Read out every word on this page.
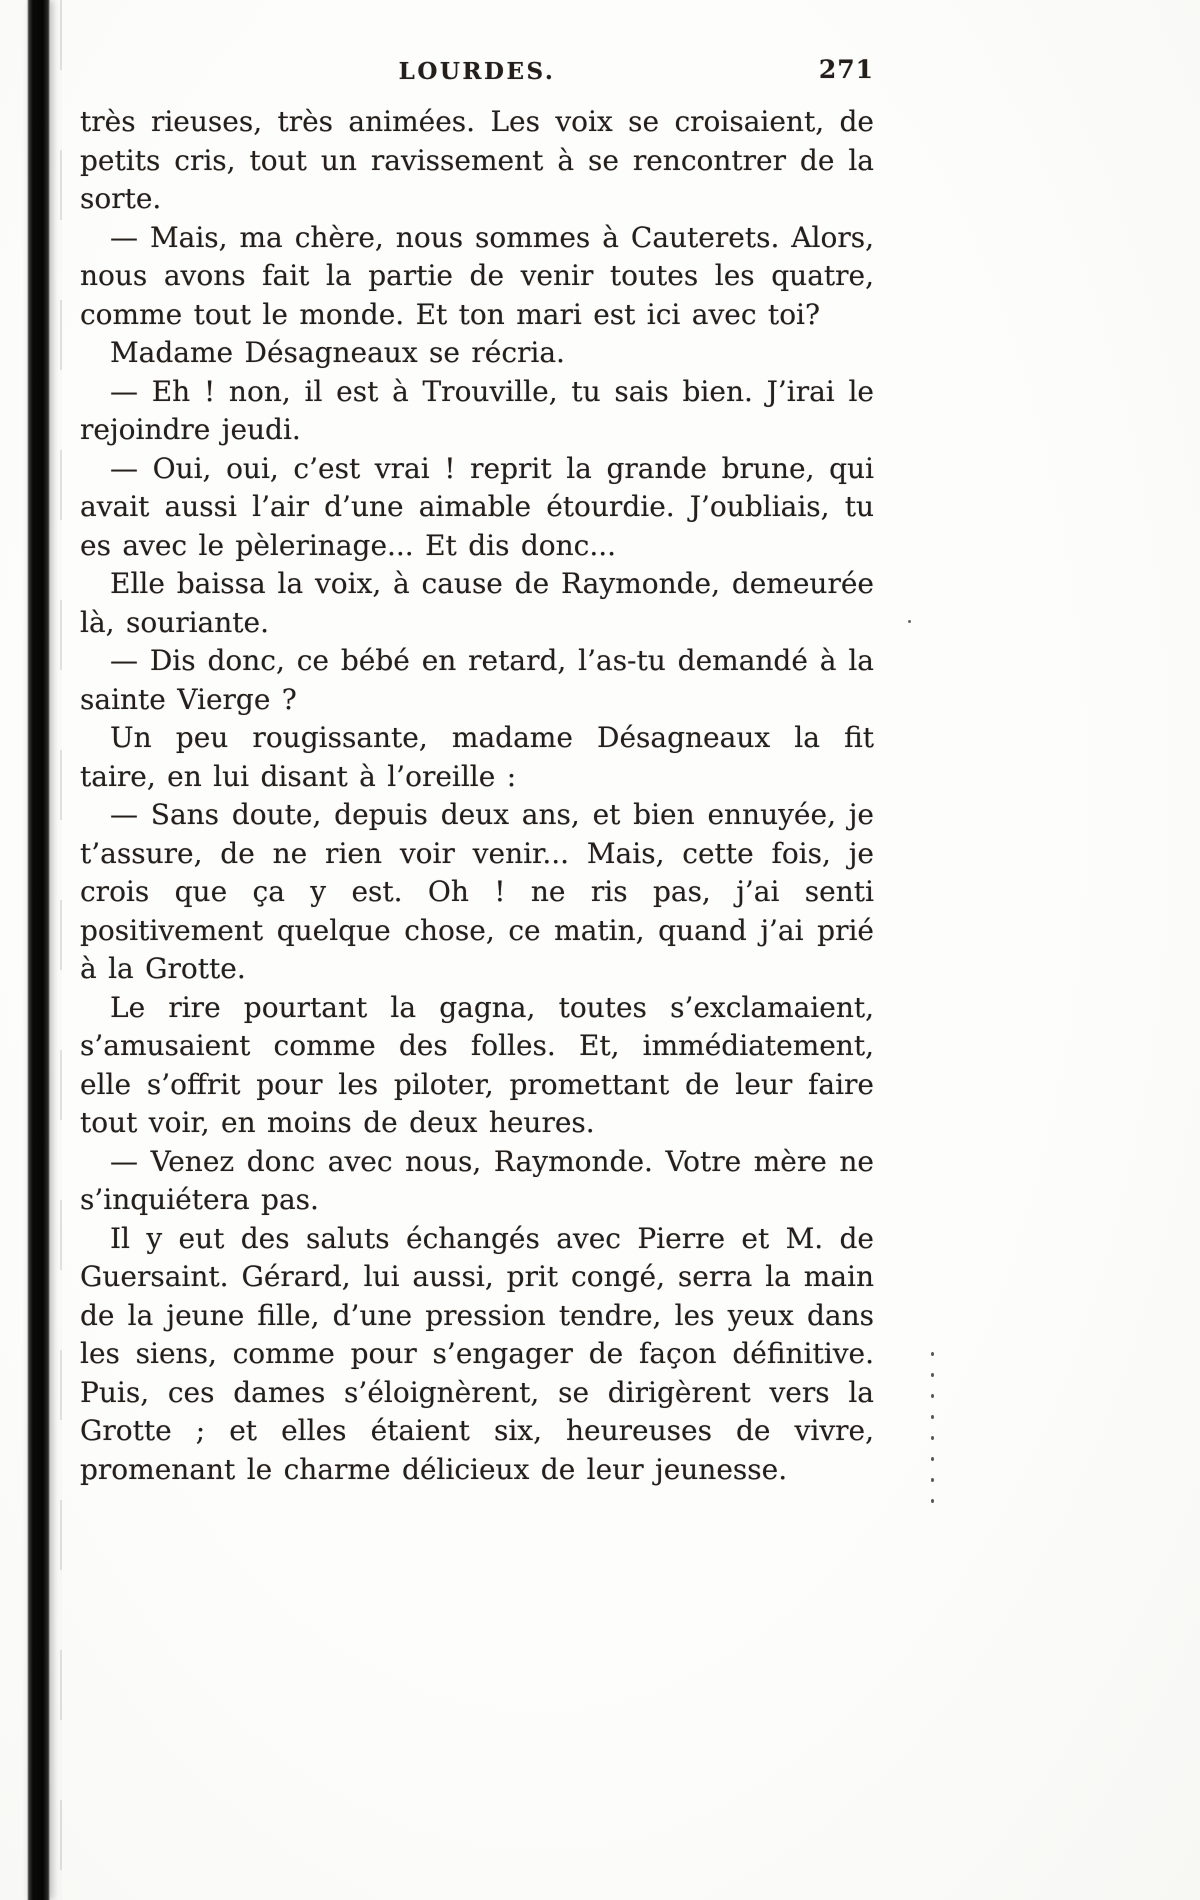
LOURDES.	271

très rieuses, très animées. Les voix se croisaient, de petits cris, tout un ravissement à se rencontrer de la sorte.

— Mais, ma chère, nous sommes à Cauterets. Alors, nous avons fait la partie de venir toutes les quatre, comme tout le monde. Et ton mari est ici avec toi?

Madame Désagneaux se récria.

— Eh ! non, il est à Trouville, tu sais bien. J’irai le rejoindre jeudi.

— Oui, oui, c’est vrai ! reprit la grande brune, qui avait aussi l’air d’une aimable étourdie. J’oubliais, tu es avec le pèlerinage... Et dis donc...

Elle baissa la voix, à cause de Raymonde, demeurée là, souriante.

— Dis donc, ce bébé en retard, l’as-tu demandé à la sainte Vierge ?

Un peu rougissante, madame Désagneaux la fit taire, en lui disant à l’oreille :

— Sans doute, depuis deux ans, et bien ennuyée, je t’assure, de ne rien voir venir... Mais, cette fois, je crois que ça y est. Oh ! ne ris pas, j’ai senti positivement quelque chose, ce matin, quand j’ai prié à la Grotte.

Le rire pourtant la gagna, toutes s’exclamaient, s’amusaient comme des folles. Et, immédiatement, elle s’offrit pour les piloter, promettant de leur faire tout voir, en moins de deux heures.

— Venez donc avec nous, Raymonde. Votre mère ne s’inquiétera pas.

Il y eut des saluts échangés avec Pierre et M. de Guersaint. Gérard, lui aussi, prit congé, serra la main de la jeune fille, d’une pression tendre, les yeux dans les siens, comme pour s’engager de façon définitive. Puis, ces dames s’éloignèrent, se dirigèrent vers la Grotte ; et elles étaient six, heureuses de vivre, promenant le charme délicieux de leur jeunesse.
